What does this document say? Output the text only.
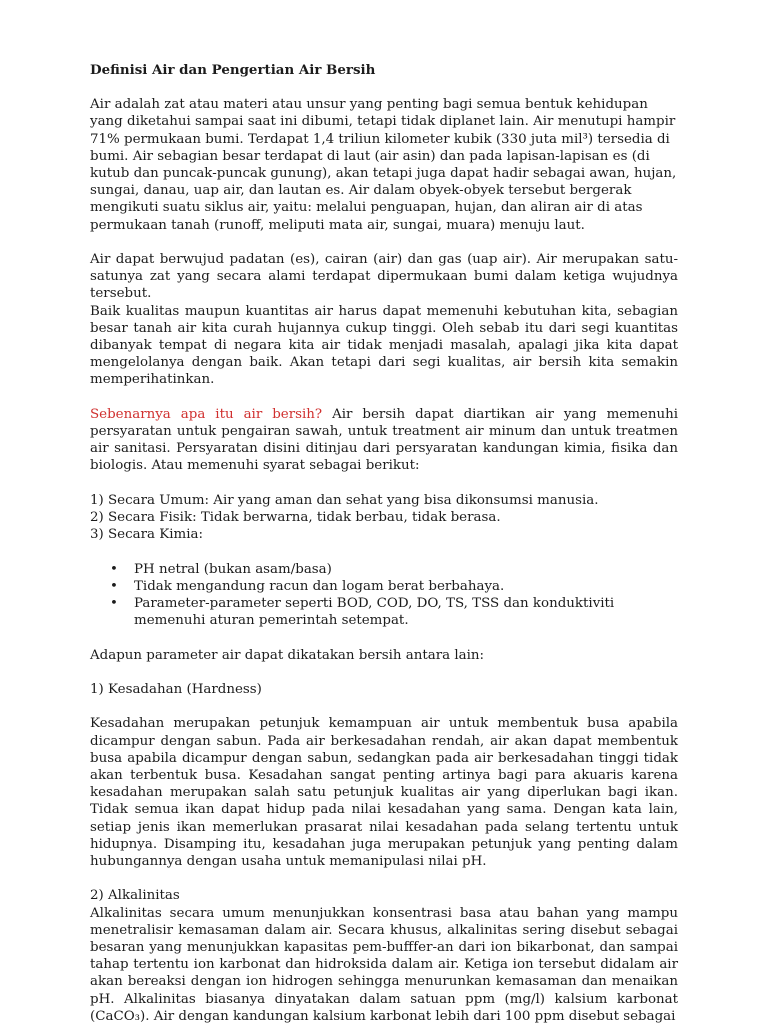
Definisi Air dan Pengertian Air Bersih

Air adalah zat atau materi atau unsur yang penting bagi semua bentuk kehidupan yang diketahui sampai saat ini dibumi, tetapi tidak diplanet lain. Air menutupi hampir 71% permukaan bumi. Terdapat 1,4 triliun kilometer kubik (330 juta mil³) tersedia di bumi. Air sebagian besar terdapat di laut (air asin) dan pada lapisan-lapisan es (di kutub dan puncak-puncak gunung), akan tetapi juga dapat hadir sebagai awan, hujan, sungai, danau, uap air, dan lautan es. Air dalam obyek-obyek tersebut bergerak mengikuti suatu siklus air, yaitu: melalui penguapan, hujan, dan aliran air di atas permukaan tanah (runoff, meliputi mata air, sungai, muara) menuju laut.

Air dapat berwujud padatan (es), cairan (air) dan gas (uap air). Air merupakan satu-satunya zat yang secara alami terdapat dipermukaan bumi dalam ketiga wujudnya tersebut.

Baik kualitas maupun kuantitas air harus dapat memenuhi kebutuhan kita, sebagian besar tanah air kita curah hujannya cukup tinggi. Oleh sebab itu dari segi kuantitas dibanyak tempat di negara kita air tidak menjadi masalah, apalagi jika kita dapat mengelolanya dengan baik. Akan tetapi dari segi kualitas, air bersih kita semakin memperihatinkan.

Sebenarnya apa itu air bersih? Air bersih dapat diartikan air yang memenuhi persyaratan untuk pengairan sawah, untuk treatment air minum dan untuk treatmen air sanitasi. Persyaratan disini ditinjau dari persyaratan kandungan kimia, fisika dan biologis. Atau memenuhi syarat sebagai berikut:

1) Secara Umum: Air yang aman dan sehat yang bisa dikonsumsi manusia.
2) Secara Fisik: Tidak berwarna, tidak berbau, tidak berasa.
3) Secara Kimia:
• PH netral (bukan asam/basa)
• Tidak mengandung racun dan logam berat berbahaya.
• Parameter-parameter seperti BOD, COD, DO, TS, TSS dan konduktiviti memenuhi aturan pemerintah setempat.

Adapun parameter air dapat dikatakan bersih antara lain:

1) Kesadahan (Hardness)

Kesadahan merupakan petunjuk kemampuan air untuk membentuk busa apabila dicampur dengan sabun. Pada air berkesadahan rendah, air akan dapat membentuk busa apabila dicampur dengan sabun, sedangkan pada air berkesadahan tinggi tidak akan terbentuk busa. Kesadahan sangat penting artinya bagi para akuaris karena kesadahan merupakan salah satu petunjuk kualitas air yang diperlukan bagi ikan. Tidak semua ikan dapat hidup pada nilai kesadahan yang sama. Dengan kata lain, setiap jenis ikan memerlukan prasarat nilai kesadahan pada selang tertentu untuk hidupnya. Disamping itu, kesadahan juga merupakan petunjuk yang penting dalam hubungannya dengan usaha untuk memanipulasi nilai pH.

2) Alkalinitas

Alkalinitas secara umum menunjukkan konsentrasi basa atau bahan yang mampu menetralisir kemasaman dalam air. Secara khusus, alkalinitas sering disebut sebagai besaran yang menunjukkan kapasitas pem-bufffer-an dari ion bikarbonat, dan sampai tahap tertentu ion karbonat dan hidroksida dalam air. Ketiga ion tersebut didalam air akan bereaksi dengan ion hidrogen sehingga menurunkan kemasaman dan menaikan pH. Alkalinitas biasanya dinyatakan dalam satuan ppm (mg/l) kalsium karbonat (CaCO₃). Air dengan kandungan kalsium karbonat lebih dari 100 ppm disebut sebagai
